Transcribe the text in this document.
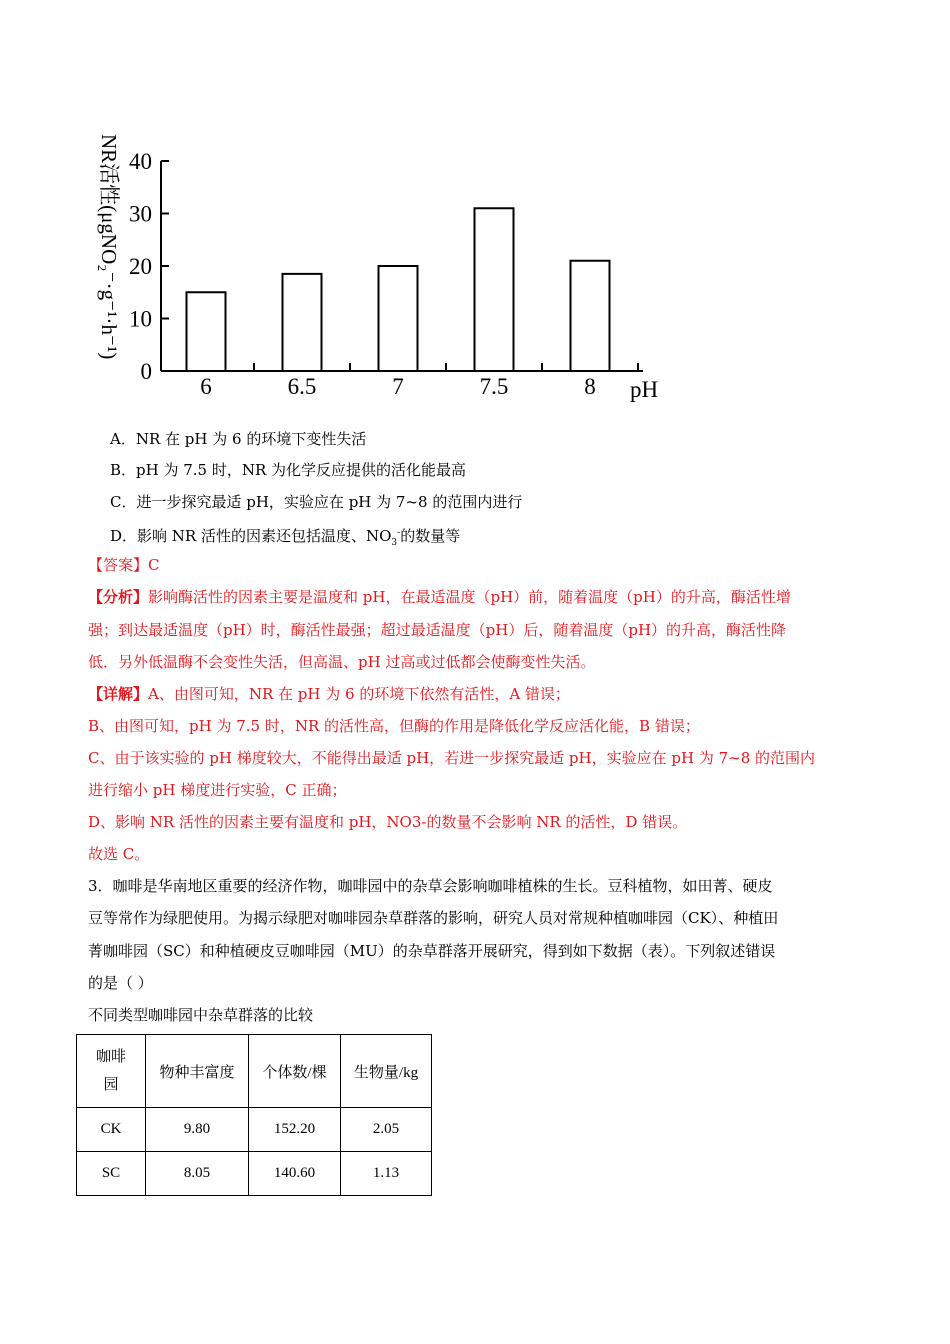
NR活性(μgNO₂⁻·g⁻¹·h⁻¹)
0
10
20
30
40
6	6.5	7	7.5	8 pH
A．NR 在 pH 为 6 的环境下变性失活
B．pH 为 7.5 时，NR 为化学反应提供的活化能最高
C．进一步探究最适 pH，实验应在 pH 为 7~8 的范围内进行
D．影响 NR 活性的因素还包括温度、$NO_3^-$的数量等
【答案】C
【分析】影响酶活性的因素主要是温度和 pH，在最适温度（pH）前，随着温度（pH）的升高，酶活性增
强；到达最适温度（pH）时，酶活性最强；超过最适温度（pH）后，随着温度（pH）的升高，酶活性降
低．另外低温酶不会变性失活，但高温、pH 过高或过低都会使酶变性失活。
【详解】A、由图可知，NR 在 pH 为 6 的环境下依然有活性，A 错误；
B、由图可知，pH 为 7.5 时，NR 的活性高，但酶的作用是降低化学反应活化能，B 错误；
C、由于该实验的 pH 梯度较大，不能得出最适 pH，若进一步探究最适 pH，实验应在 pH 为 7~8 的范围内
进行缩小 pH 梯度进行实验，C 正确；
D、影响 NR 活性的因素主要有温度和 pH，NO3-的数量不会影响 NR 的活性，D 错误。
故选 C。
3．咖啡是华南地区重要的经济作物，咖啡园中的杂草会影响咖啡植株的生长。豆科植物，如田菁、硬皮
豆等常作为绿肥使用。为揭示绿肥对咖啡园杂草群落的影响，研究人员对常规种植咖啡园（CK）、种植田
菁咖啡园（SC）和种植硬皮豆咖啡园（MU）的杂草群落开展研究，得到如下数据（表）。下列叙述错误
的是（ ）
不同类型咖啡园中杂草群落的比较
咖啡
园	物种丰富度	个体数/棵	生物量/kg
CK	9.80	152.20	2.05
SC	8.05	140.60	1.13
